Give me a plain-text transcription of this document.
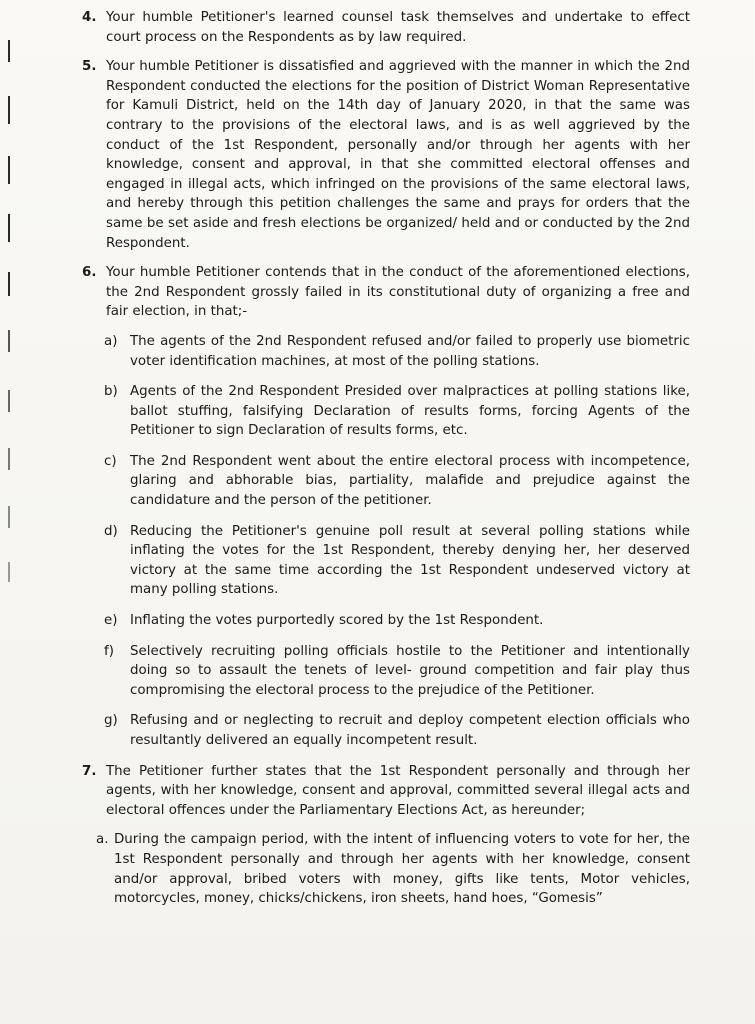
4. Your humble Petitioner's learned counsel task themselves and undertake to effect court process on the Respondents as by law required.
5. Your humble Petitioner is dissatisfied and aggrieved with the manner in which the 2nd Respondent conducted the elections for the position of District Woman Representative for Kamuli District, held on the 14th day of January 2020, in that the same was contrary to the provisions of the electoral laws, and is as well aggrieved by the conduct of the 1st Respondent, personally and/or through her agents with her knowledge, consent and approval, in that she committed electoral offenses and engaged in illegal acts, which infringed on the provisions of the same electoral laws, and hereby through this petition challenges the same and prays for orders that the same be set aside and fresh elections be organized/ held and or conducted by the 2nd Respondent.
6. Your humble Petitioner contends that in the conduct of the aforementioned elections, the 2nd Respondent grossly failed in its constitutional duty of organizing a free and fair election, in that;-
a) The agents of the 2nd Respondent refused and/or failed to properly use biometric voter identification machines, at most of the polling stations.
b) Agents of the 2nd Respondent Presided over malpractices at polling stations like, ballot stuffing, falsifying Declaration of results forms, forcing Agents of the Petitioner to sign Declaration of results forms, etc.
c) The 2nd Respondent went about the entire electoral process with incompetence, glaring and abhorable bias, partiality, malafide and prejudice against the candidature and the person of the petitioner.
d) Reducing the Petitioner's genuine poll result at several polling stations while inflating the votes for the 1st Respondent, thereby denying her, her deserved victory at the same time according the 1st Respondent undeserved victory at many polling stations.
e) Inflating the votes purportedly scored by the 1st Respondent.
f) Selectively recruiting polling officials hostile to the Petitioner and intentionally doing so to assault the tenets of level- ground competition and fair play thus compromising the electoral process to the prejudice of the Petitioner.
g) Refusing and or neglecting to recruit and deploy competent election officials who resultantly delivered an equally incompetent result.
7. The Petitioner further states that the 1st Respondent personally and through her agents, with her knowledge, consent and approval, committed several illegal acts and electoral offences under the Parliamentary Elections Act, as hereunder;
a. During the campaign period, with the intent of influencing voters to vote for her, the 1st Respondent personally and through her agents with her knowledge, consent and/or approval, bribed voters with money, gifts like tents, Motor vehicles, motorcycles, money, chicks/chickens, iron sheets, hand hoes, “Gomesis”
